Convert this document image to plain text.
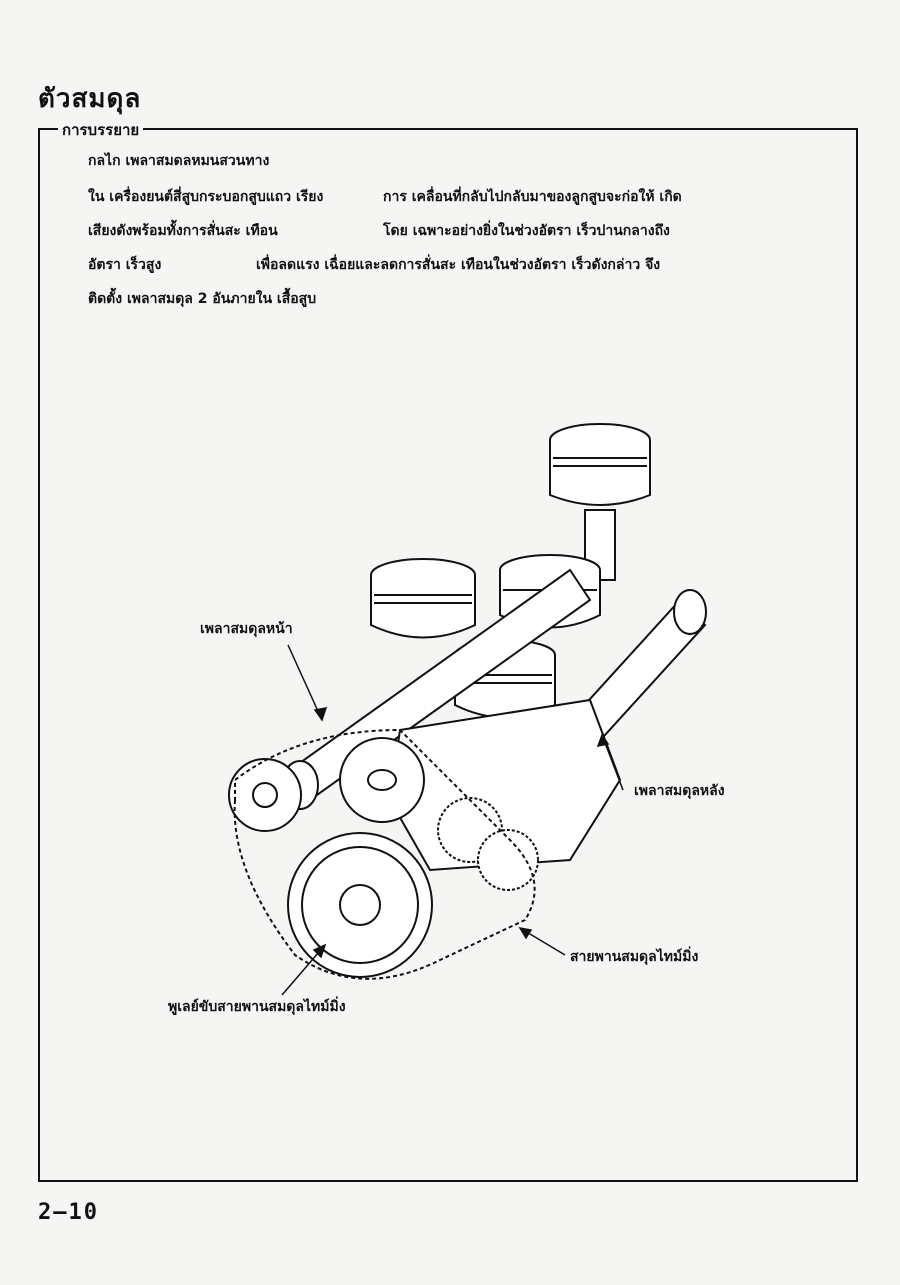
ตัวสมดุล
การบรรยาย
กลไก เพลาสมดลหมนสวนทาง
ใน เครื่องยนต์สี่สูบกระบอกสูบแถว เรียง	การ เคลื่อนที่กลับไปกลับมาของลูกสูบจะก่อให้ เกิด
เสียงดังพร้อมทั้งการสั่นสะ เทือน	โดย เฉพาะอย่างยิ่งในช่วงอัตรา เร็วปานกลางถึง
อัตรา เร็วสูง	เพื่อลดแรง เฉื่อยและลดการสั่นสะ เทือนในช่วงอัตรา เร็วดังกล่าว จึง
ติดตั้ง เพลาสมดุล 2 อันภายใน เสื้อสูบ
เพลาสมดุลหน้า
เพลาสมดุลหลัง
สายพานสมดุลไทม์มิ่ง
พูเลย์ขับสายพานสมดุลไทม์มิ่ง
2–10
